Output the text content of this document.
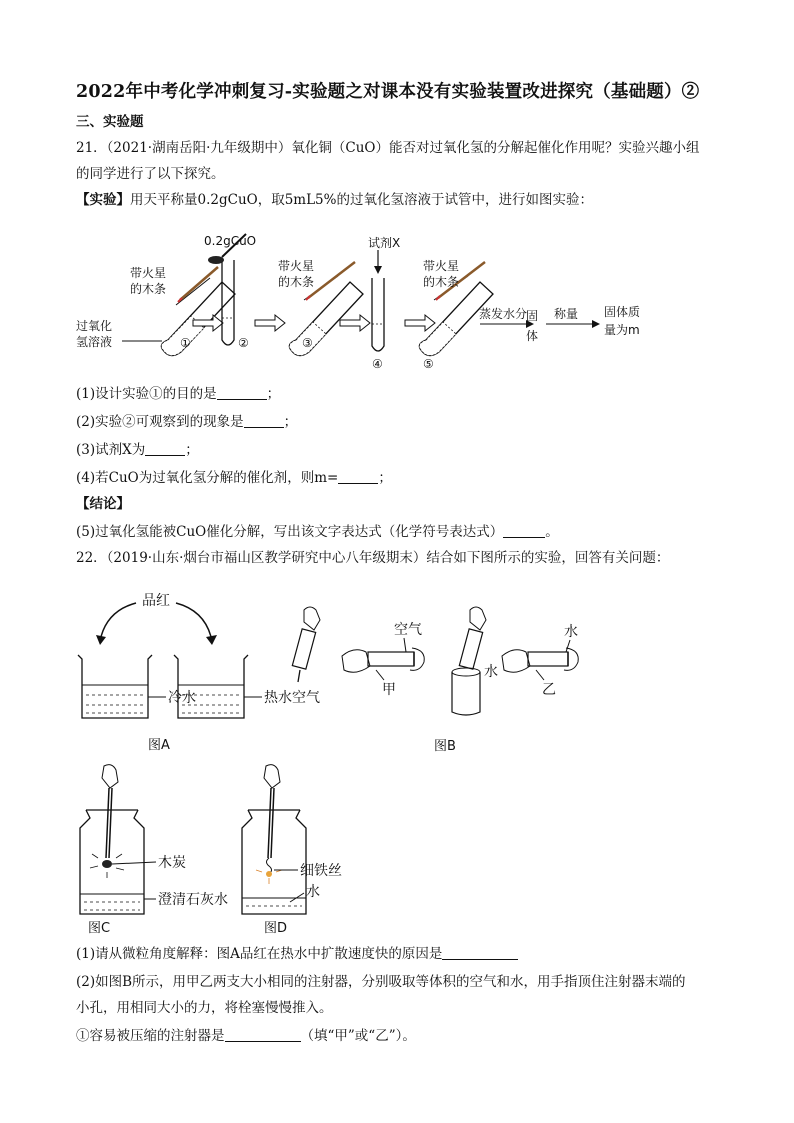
2022年中考化学冲刺复习-实验题之对课本没有实验装置改进探究（基础题）②
三、实验题
21．（2021·湖南岳阳·九年级期中）氧化铜（CuO）能否对过氧化氢的分解起催化作用呢？实验兴趣小组
的同学进行了以下探究。
【实验】用天平称量0.2gCuO，取5mL5%的过氧化氢溶液于试管中，进行如图实验：
带火星
的木条
过氧化
氢溶液	①
0.2gCuO
②
带火星
的木条
③
试剂X
④
带火星
的木条
⑤
蒸发水分
固
体
称量 固体质
量为m
(1)设计实验①的目的是	；
(2)实验②可观察到的现象是	；
(3)试剂X为	；
(4)若CuO为过氧化氢分解的催化剂，则m=	；
【结论】
(5)过氧化氢能被CuO催化分解，写出该文字表达式（化学符号表达式）	。
22．（2019·山东·烟台市福山区教学研究中心八年级期末）结合如下图所示的实验，回答有关问题：
品红
冷水	热水
图A
空气
空气
甲
水
水
乙
图B
木炭
澄清石灰水
图C
细铁丝
水
图D
(1)请从微粒角度解释：图A品红在热水中扩散速度快的原因是
(2)如图B所示，用甲乙两支大小相同的注射器，分别吸取等体积的空气和水，用手指顶住注射器末端的
小孔，用相同大小的力，将栓塞慢慢推入。
①容易被压缩的注射器是	（填“甲”或“乙”）。
